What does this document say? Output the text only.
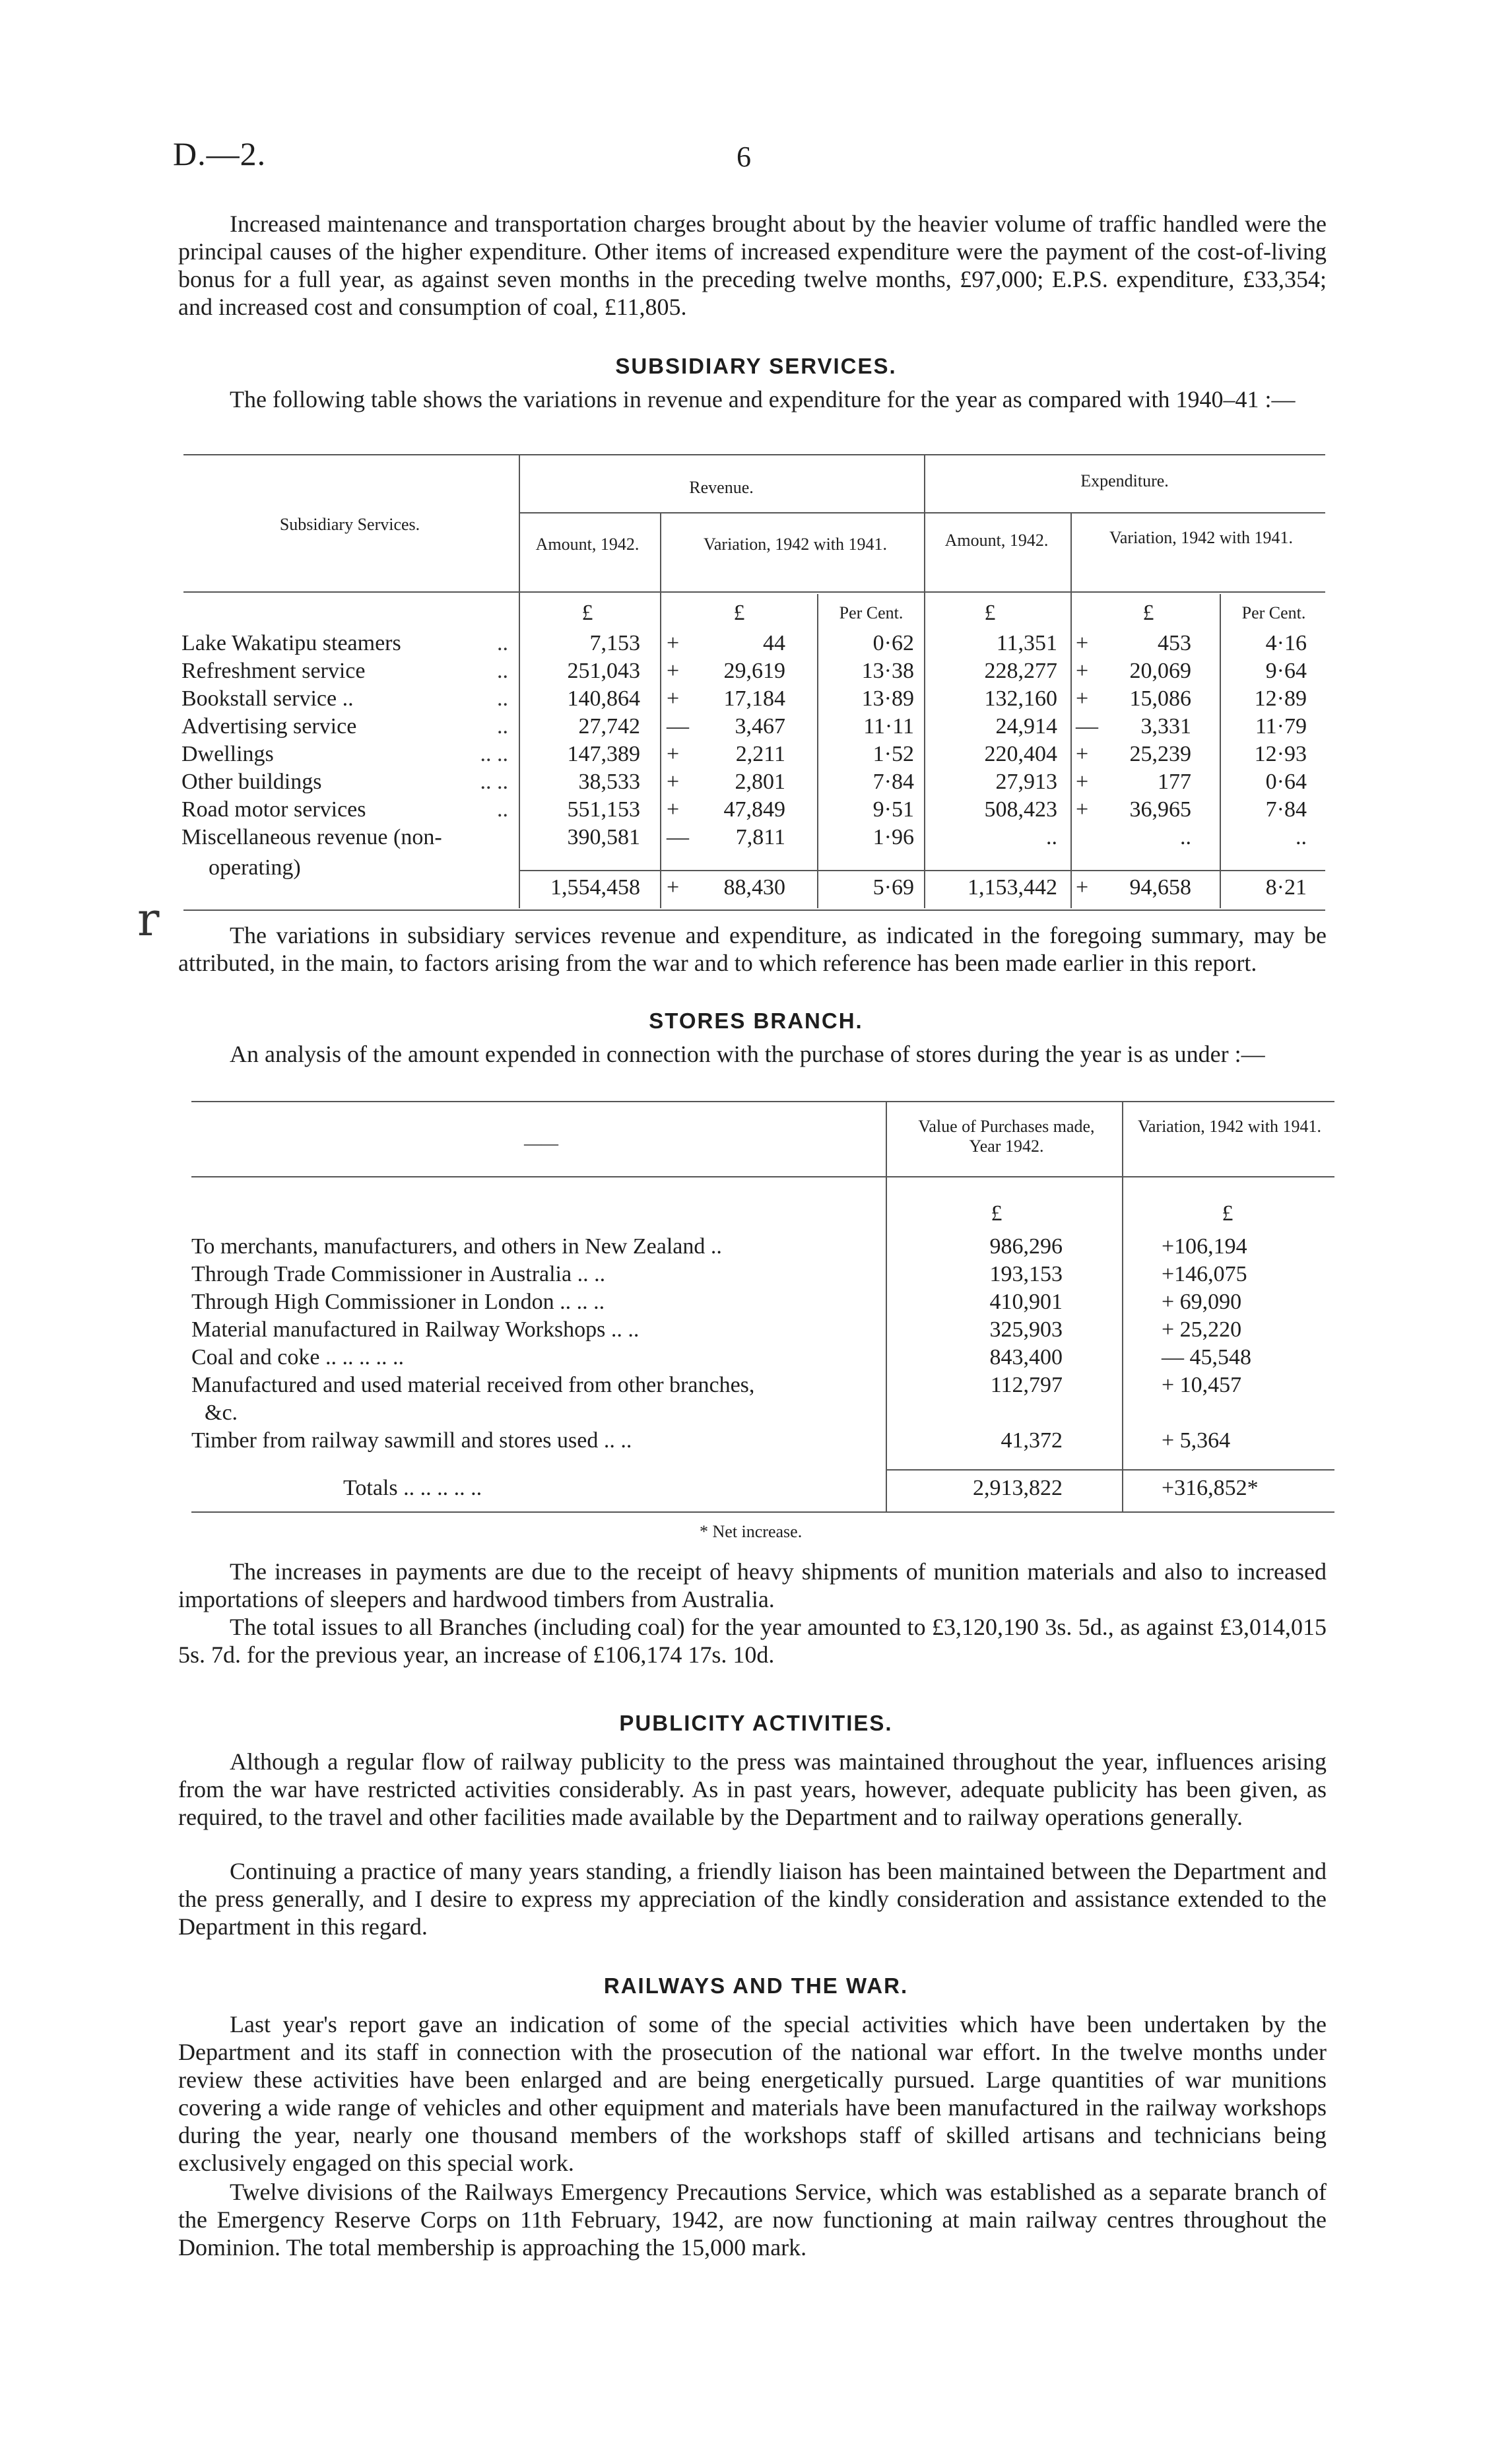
D.—2.	6

Increased maintenance and transportation charges brought about by the heavier volume of traffic handled were the principal causes of the higher expenditure. Other items of increased expenditure were the payment of the cost-of-living bonus for a full year, as against seven months in the preceding twelve months, £97,000; E.P.S. expenditure, £33,354; and increased cost and consumption of coal, £11,805.

SUBSIDIARY SERVICES.

The following table shows the variations in revenue and expenditure for the year as compared with 1940–41 :—

Subsidiary Services.
Revenue.	Expenditure.
Amount, 1942.	Variation, 1942 with 1941.	Amount, 1942.	Variation, 1942 with 1941.
£	£	Per Cent.	£	£	Per Cent.
Lake Wakatipu steamers	..	7,153 +	44	0·62	11,351 +	453	4·16
Refreshment service	..	251,043 +	29,619	13·38	228,277 +	20,069	9·64
Bookstall service ..	..	140,864 +	17,184	13·89	132,160 +	15,086	12·89
Advertising service	..	27,742 —	3,467	11·11	24,914 —	3,331	11·79
Dwellings	.. ..	147,389 +	2,211	1·52	220,404 +	25,239	12·93
Other buildings	.. ..	38,533 +	2,801	7·84	27,913 +	177	0·64
Road motor services	..	551,153 +	47,849	9·51	508,423 +	36,965	7·84
Miscellaneous revenue (non-	390,581 —	7,811	1·96	..	..	..
operating)
1,554,458 +	88,430	5·69	1,153,442 +	94,658	8·21
r	The variations in subsidiary services revenue and expenditure, as indicated in the foregoing summary, may be attributed, in the main, to factors arising from the war and to which reference has been made earlier in this report.

STORES BRANCH.

An analysis of the amount expended in connection with the purchase of stores during the year is as under :—

——
Value of Purchases made, Year 1942.
Variation, 1942 with 1941.
£	£
To merchants, manufacturers, and others in New Zealand ..	986,296	+106,194
Through Trade Commissioner in Australia .. ..	193,153	+146,075
Through High Commissioner in London .. .. ..	410,901	+ 69,090
Material manufactured in Railway Workshops .. ..	325,903	+ 25,220
Coal and coke .. .. .. .. ..	843,400	— 45,548
Manufactured and used material received from other branches,	112,797	+ 10,457
&c.
Timber from railway sawmill and stores used .. ..	41,372	+ 5,364
Totals .. .. .. .. ..	2,913,822	+316,852*
* Net increase.

The increases in payments are due to the receipt of heavy shipments of munition materials and also to increased importations of sleepers and hardwood timbers from Australia.

The total issues to all Branches (including coal) for the year amounted to £3,120,190 3s. 5d., as against £3,014,015 5s. 7d. for the previous year, an increase of £106,174 17s. 10d.

PUBLICITY ACTIVITIES.

Although a regular flow of railway publicity to the press was maintained throughout the year, influences arising from the war have restricted activities considerably. As in past years, however, adequate publicity has been given, as required, to the travel and other facilities made available by the Department and to railway operations generally.

Continuing a practice of many years standing, a friendly liaison has been maintained between the Department and the press generally, and I desire to express my appreciation of the kindly consideration and assistance extended to the Department in this regard.

RAILWAYS AND THE WAR.

Last year's report gave an indication of some of the special activities which have been undertaken by the Department and its staff in connection with the prosecution of the national war effort. In the twelve months under review these activities have been enlarged and are being energetically pursued. Large quantities of war munitions covering a wide range of vehicles and other equipment and materials have been manufactured in the railway workshops during the year, nearly one thousand members of the workshops staff of skilled artisans and technicians being exclusively engaged on this special work.

Twelve divisions of the Railways Emergency Precautions Service, which was established as a separate branch of the Emergency Reserve Corps on 11th February, 1942, are now functioning at main railway centres throughout the Dominion. The total membership is approaching the 15,000 mark.
